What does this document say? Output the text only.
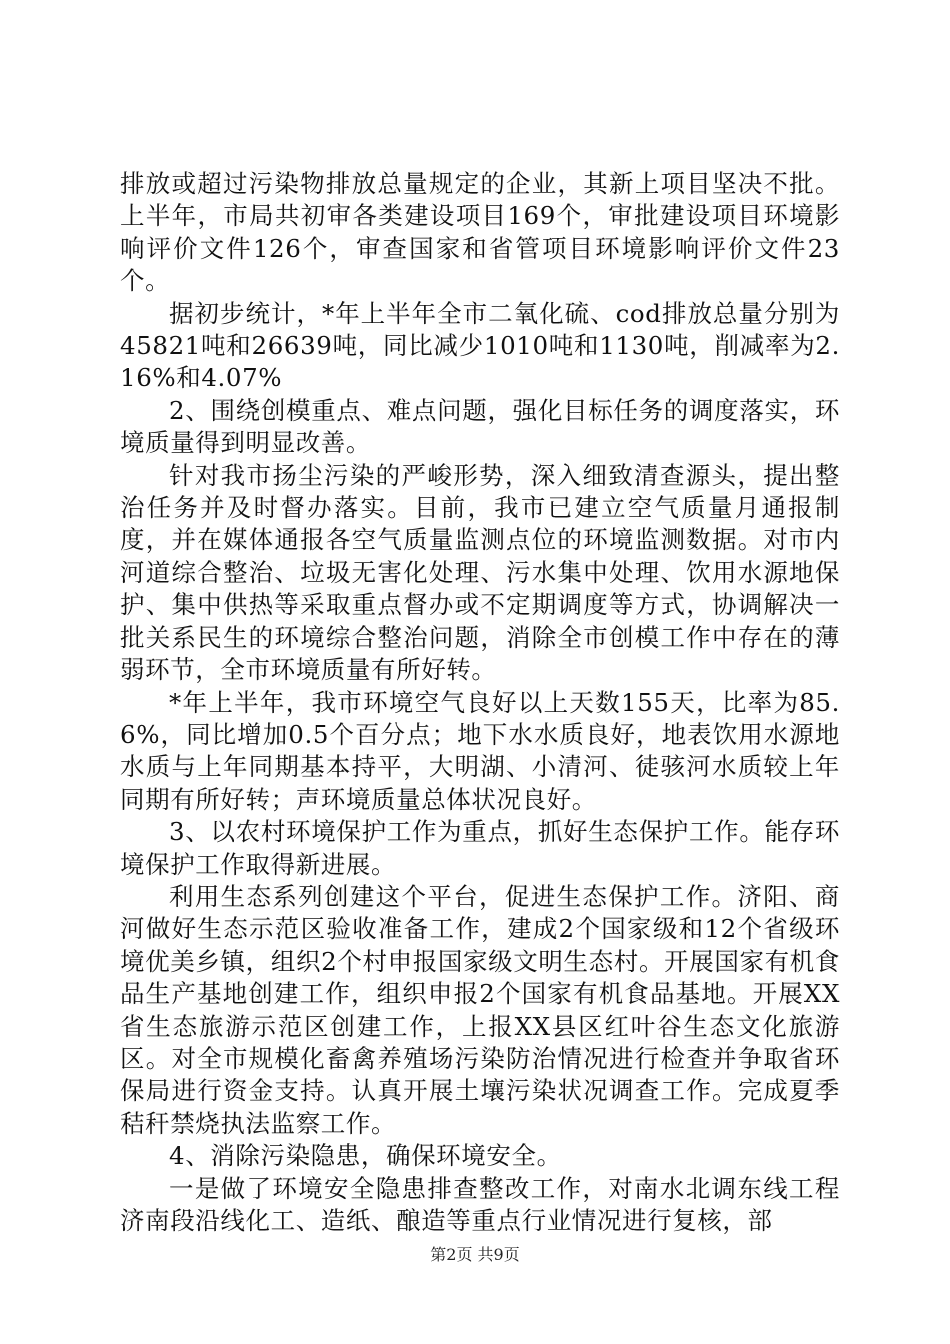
排放或超过污染物排放总量规定的企业，其新上项目坚决不批。上半年，市局共初审各类建设项目169个，审批建设项目环境影响评价文件126个，审查国家和省管项目环境影响评价文件23个。

据初步统计，*年上半年全市二氧化硫、cod排放总量分别为45821吨和26639吨，同比减少1010吨和1130吨，削减率为2.16%和4.07%

2、围绕创模重点、难点问题，强化目标任务的调度落实，环境质量得到明显改善。

针对我市扬尘污染的严峻形势，深入细致清查源头，提出整治任务并及时督办落实。目前，我市已建立空气质量月通报制度，并在媒体通报各空气质量监测点位的环境监测数据。对市内河道综合整治、垃圾无害化处理、污水集中处理、饮用水源地保护、集中供热等采取重点督办或不定期调度等方式，协调解决一批关系民生的环境综合整治问题，消除全市创模工作中存在的薄弱环节，全市环境质量有所好转。

*年上半年，我市环境空气良好以上天数155天，比率为85.6%，同比增加0.5个百分点；地下水水质良好，地表饮用水源地水质与上年同期基本持平，大明湖、小清河、徒骇河水质较上年同期有所好转；声环境质量总体状况良好。

3、以农村环境保护工作为重点，抓好生态保护工作。能存环境保护工作取得新进展。

利用生态系列创建这个平台，促进生态保护工作。济阳、商河做好生态示范区验收准备工作，建成2个国家级和12个省级环境优美乡镇，组织2个村申报国家级文明生态村。开展国家有机食品生产基地创建工作，组织申报2个国家有机食品基地。开展XX省生态旅游示范区创建工作，上报XX县区红叶谷生态文化旅游区。对全市规模化畜禽养殖场污染防治情况进行检查并争取省环保局进行资金支持。认真开展土壤污染状况调查工作。完成夏季秸秆禁烧执法监察工作。

4、消除污染隐患，确保环境安全。

一是做了环境安全隐患排查整改工作，对南水北调东线工程济南段沿线化工、造纸、酿造等重点行业情况进行复核，部

第2页 共9页
